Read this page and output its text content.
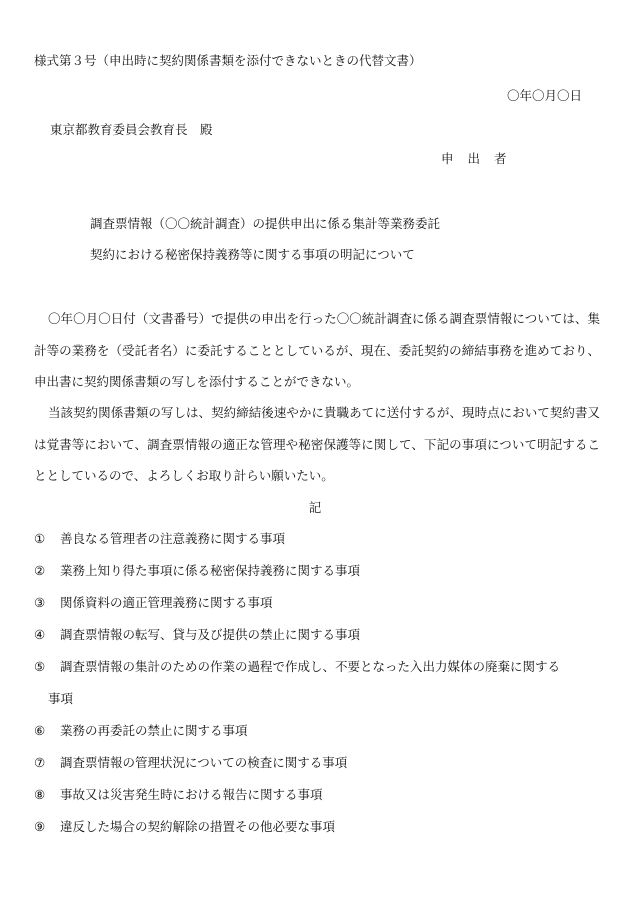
様式第３号（申出時に契約関係書類を添付できないときの代替文書）
〇年〇月〇日
東京都教育委員会教育長　殿
申 出 者
調査票情報（〇〇統計調査）の提供申出に係る集計等業務委託
契約における秘密保持義務等に関する事項の明記について
〇年〇月〇日付（文書番号）で提供の申出を行った〇〇統計調査に係る調査票情報については、集計等の業務を（受託者名）に委託することとしているが、現在、委託契約の締結事務を進めており、申出書に契約関係書類の写しを添付することができない。
当該契約関係書類の写しは、契約締結後速やかに貴職あてに送付するが、現時点において契約書又は覚書等において、調査票情報の適正な管理や秘密保護等に関して、下記の事項について明記することとしているので、よろしくお取り計らい願いたい。
記
①	善良なる管理者の注意義務に関する事項
②	業務上知り得た事項に係る秘密保持義務に関する事項
③	関係資料の適正管理義務に関する事項
④	調査票情報の転写、貸与及び提供の禁止に関する事項
⑤	調査票情報の集計のための作業の過程で作成し、不要となった入出力媒体の廃棄に関する
事項
⑥	業務の再委託の禁止に関する事項
⑦	調査票情報の管理状況についての検査に関する事項
⑧	事故又は災害発生時における報告に関する事項
⑨	違反した場合の契約解除の措置その他必要な事項
